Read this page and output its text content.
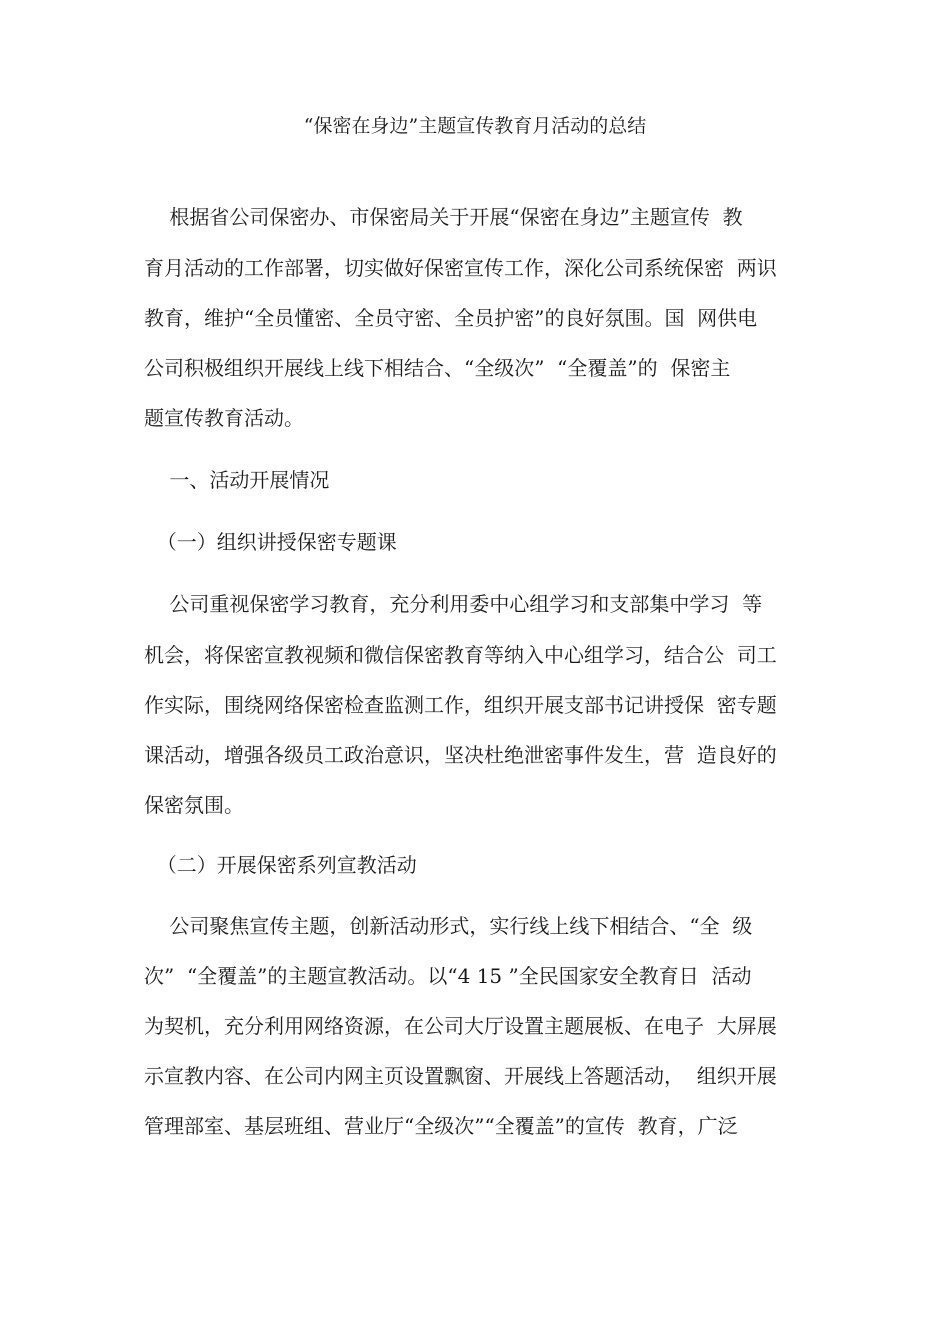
“保密在身边”主题宣传教育月活动的总结
根据省公司保密办、市保密局关于开展“保密在身边”主题宣传  教
育月活动的工作部署，切实做好保密宣传工作，深化公司系统保密  两识
教育，维护“全员懂密、全员守密、全员护密”的良好氛围。国  网供电
公司积极组织开展线上线下相结合、“全级次”  “全覆盖”的  保密主
题宣传教育活动。
一、活动开展情况
（一）组织讲授保密专题课
公司重视保密学习教育，充分利用委中心组学习和支部集中学习  等
机会，将保密宣教视频和微信保密教育等纳入中心组学习，结合公  司工
作实际，围绕网络保密检查监测工作，组织开展支部书记讲授保  密专题
课活动，增强各级员工政治意识，坚决杜绝泄密事件发生，营  造良好的
保密氛围。
（二）开展保密系列宣教活动
公司聚焦宣传主题，创新活动形式，实行线上线下相结合、“全  级
次”  “全覆盖”的主题宣教活动。以“4 15 ”全民国家安全教育日  活动
为契机，充分利用网络资源，在公司大厅设置主题展板、在电子  大屏展
示宣教内容、在公司内网主页设置飘窗、开展线上答题活动，  组织开展
管理部室、基层班组、营业厅“全级次”“全覆盖”的宣传  教育，广泛
